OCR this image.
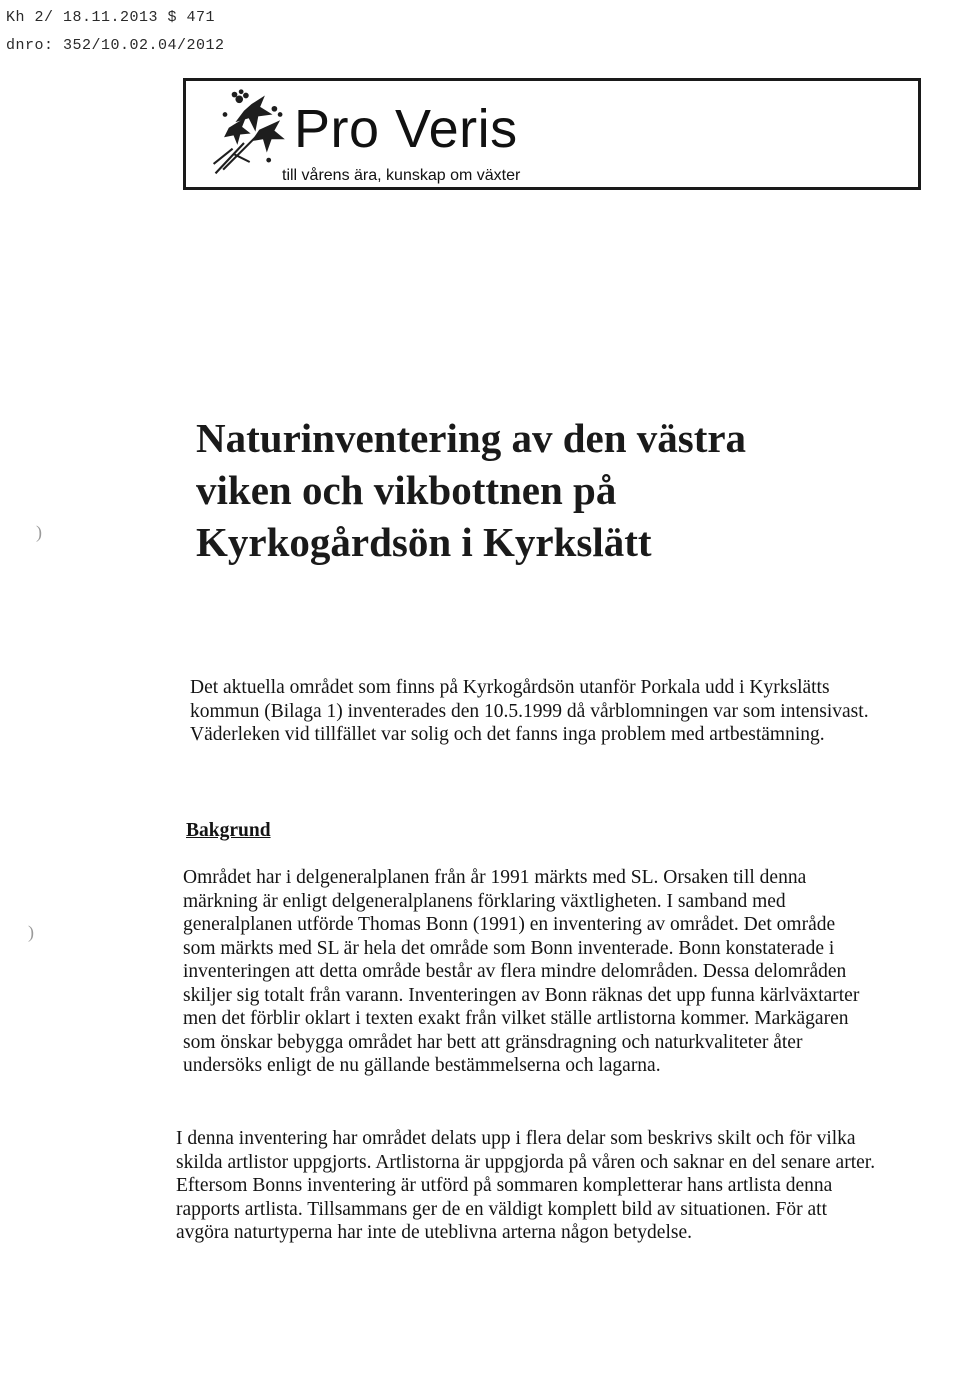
Kh 2/ 18.11.2013 $ 471
dnro: 352/10.02.04/2012
Pro Veris
till vårens ära, kunskap om växter
Naturinventering av den västra
viken och vikbottnen på
Kyrkogårdsön i Kyrkslätt

Det aktuella området som finns på Kyrkogårdsön utanför Porkala udd i Kyrkslätts kommun (Bilaga 1) inventerades den 10.5.1999 då vårblomningen var som intensivast. Väderleken vid tillfället var solig och det fanns inga problem med artbestämning.

Bakgrund

Området har i delgeneralplanen från år 1991 märkts med SL. Orsaken till denna märkning är enligt delgeneralplanens förklaring växtligheten. I samband med generalplanen utförde Thomas Bonn (1991) en inventering av området. Det område som märkts med SL är hela det område som Bonn inventerade. Bonn konstaterade i inventeringen att detta område består av flera mindre delområden. Dessa delområden skiljer sig totalt från varann. Inventeringen av Bonn räknas det upp funna kärlväxtarter men det förblir oklart i texten exakt från vilket ställe artlistorna kommer. Markägaren som önskar bebygga området har bett att gränsdragning och naturkvaliteter åter undersöks enligt de nu gällande bestämmelserna och lagarna.

I denna inventering har området delats upp i flera delar som beskrivs skilt och för vilka skilda artlistor uppgjorts. Artlistorna är uppgjorda på våren och saknar en del senare arter. Eftersom Bonns inventering är utförd på sommaren kompletterar hans artlista denna rapports artlista. Tillsammans ger de en väldigt komplett bild av situationen. För att avgöra naturtyperna har inte de uteblivna arterna någon betydelse.

)
)
